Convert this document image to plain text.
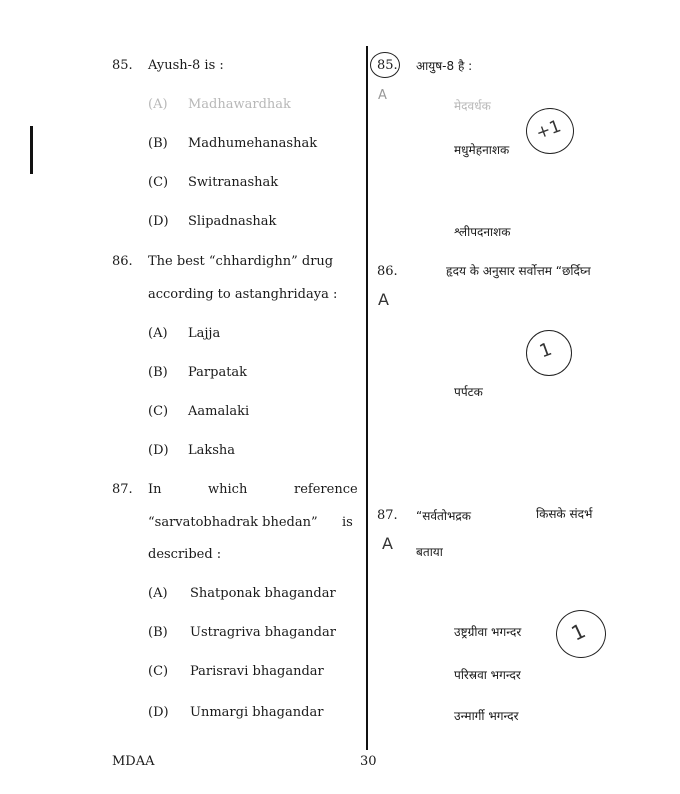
85. Ayush-8 is :
(A) Madhawardhak
(B) Madhumehanashak
(C) Switranashak
(D) Slipadnashak
86. The best “chhardighn” drug
according to astanghridaya :
(A) Lajja
(B) Parpatak
(C) Aamalaki
(D) Laksha
87. In	which	reference
“sarvatobhadrak bhedan” is
described :
(A) Shatponak bhagandar
(B) Ustragriva bhagandar
(C) Parisravi bhagandar
(D) Unmargi bhagandar
MDAA	30
85. आयुष-8 है :
A
मेदवर्धक
मधुमेहनाशक
+1
श्लीपदनाशक
86.
A
हृदय के अनुसार सर्वोत्तम “छर्दिघ्न
1
पर्पटक
87.
A
“सर्वतोभद्रक	किसके संदर्भ
बताया
उष्ट्रग्रीवा भगन्दर 1
परिस्रवा भगन्दर
उन्मार्गी भगन्दर
